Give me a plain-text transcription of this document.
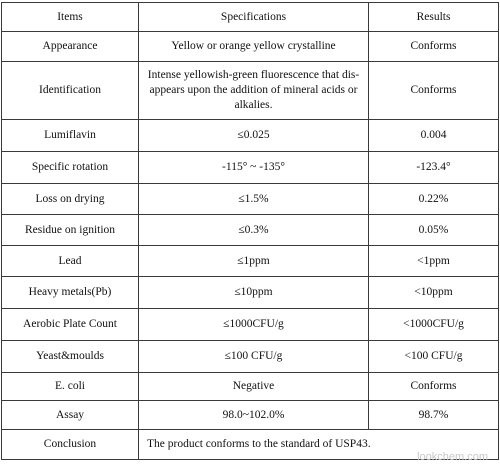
Items	Specifications	Results
Appearance	Yellow or orange yellow crystalline	Conforms
Identification	Intense yellowish-green fluorescence that dis-appears upon the addition of mineral acids or alkalies.	Conforms
Lumiflavin	≤0.025	0.004
Specific rotation	-115° ~ -135°	-123.4°
Loss on drying	≤1.5%	0.22%
Residue on ignition	≤0.3%	0.05%
Lead	≤1ppm	<1ppm
Heavy metals(Pb)	≤10ppm	<10ppm
Aerobic Plate Count	≤1000CFU/g	<1000CFU/g
Yeast&moulds	≤100 CFU/g	<100 CFU/g
E. coli	Negative	Conforms
Assay	98.0~102.0%	98.7%
Conclusion	The product conforms to the standard of USP43.	
lookchem.com
